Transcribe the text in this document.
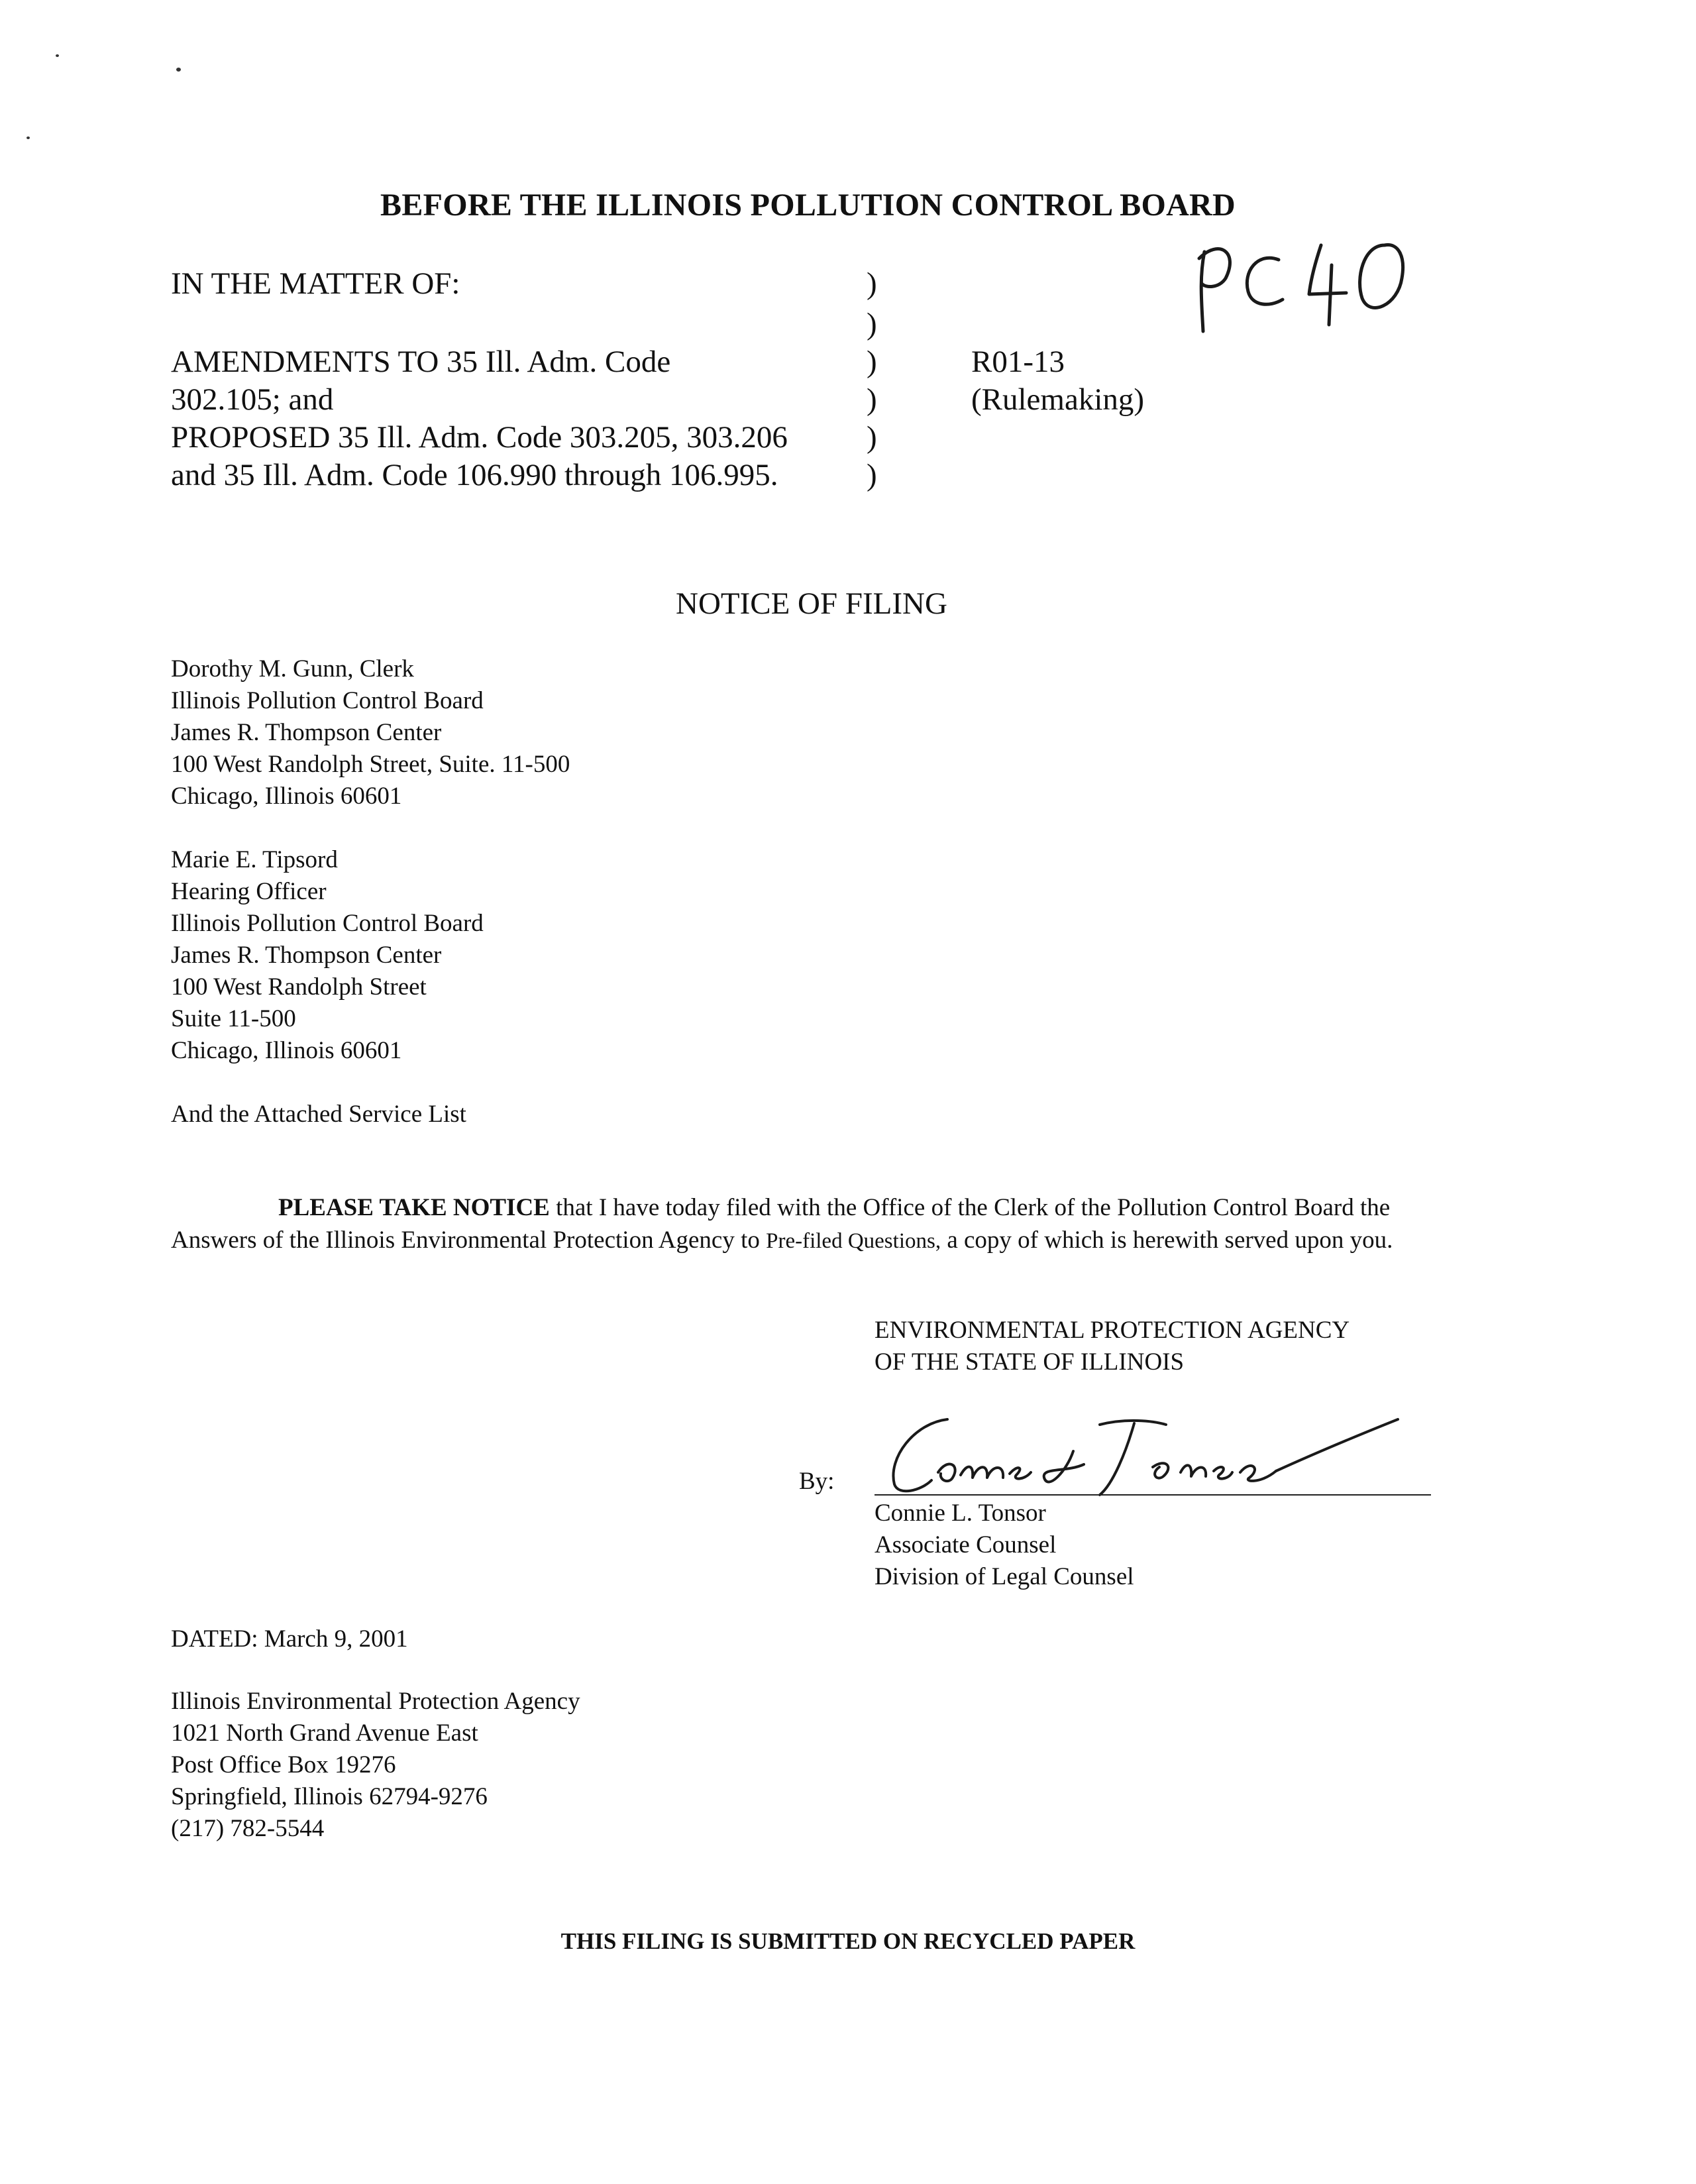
BEFORE THE ILLINOIS POLLUTION CONTROL BOARD
IN THE MATTER OF:
AMENDMENTS TO 35 Ill. Adm. Code
302.105; and
PROPOSED 35 Ill. Adm. Code 303.205, 303.206
and 35 Ill. Adm. Code 106.990 through 106.995.
)
)
)
)
)
)
R01-13
(Rulemaking)
NOTICE OF FILING
Dorothy M. Gunn, Clerk
Illinois Pollution Control Board
James R. Thompson Center
100 West Randolph Street, Suite. 11-500
Chicago, Illinois 60601
Marie E. Tipsord
Hearing Officer
Illinois Pollution Control Board
James R. Thompson Center
100 West Randolph Street
Suite 11-500
Chicago, Illinois 60601
And the Attached Service List
PLEASE TAKE NOTICE that I have today filed with the Office of the Clerk of the Pollution Control Board the Answers of the Illinois Environmental Protection Agency to Pre-filed Questions, a copy of which is herewith served upon you.
ENVIRONMENTAL PROTECTION AGENCY
OF THE STATE OF ILLINOIS
By:
Connie L. Tonsor
Associate Counsel
Division of Legal Counsel
DATED: March 9, 2001
Illinois Environmental Protection Agency
1021 North Grand Avenue East
Post Office Box 19276
Springfield, Illinois 62794-9276
(217) 782-5544
THIS FILING IS SUBMITTED ON RECYCLED PAPER
